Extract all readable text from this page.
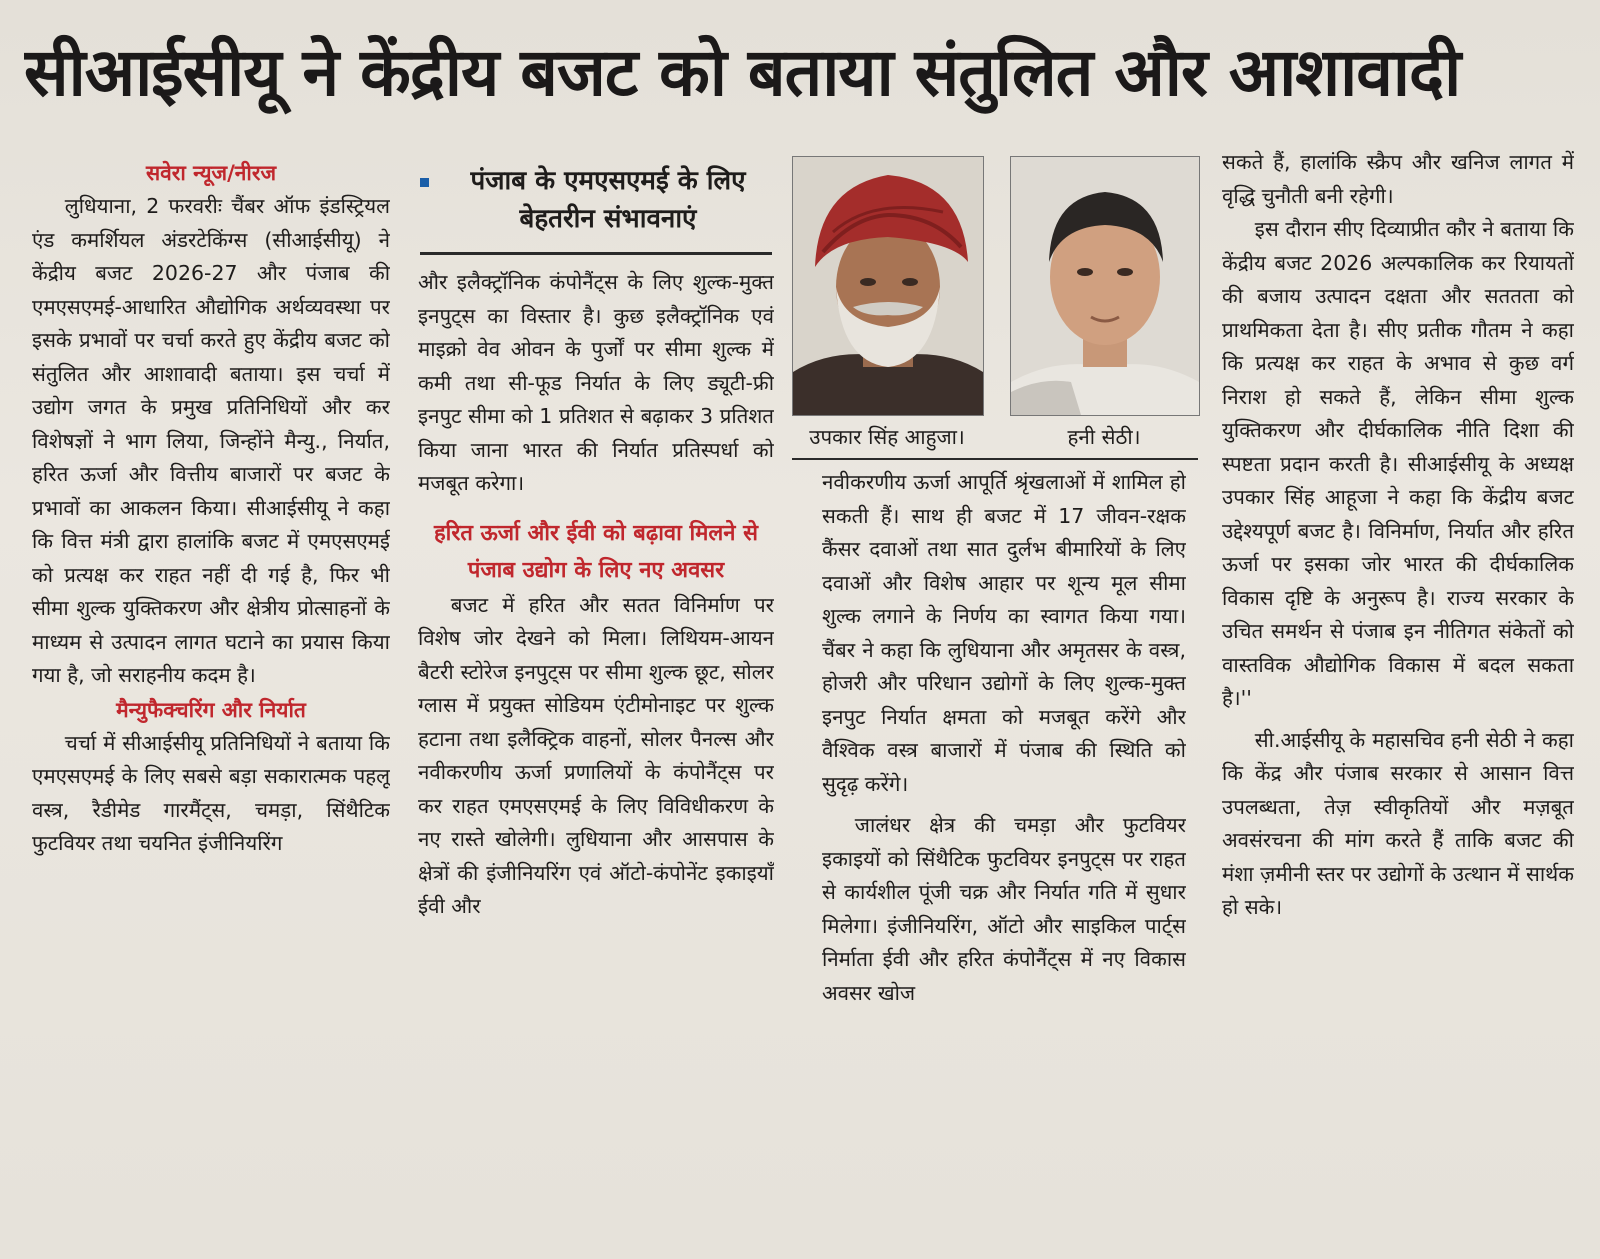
सीआईसीयू ने केंद्रीय बजट को बताया संतुलित और आशावादी

सवेरा न्यूज/नीरज

लुधियाना, 2 फरवरीः चैंबर ऑफ इंडस्ट्रियल एंड कमर्शियल अंडरटेकिंग्स (सीआईसीयू) ने केंद्रीय बजट 2026-27 और पंजाब की एमएसएमई-आधारित औद्योगिक अर्थव्यवस्था पर इसके प्रभावों पर चर्चा करते हुए केंद्रीय बजट को संतुलित और आशावादी बताया। इस चर्चा में उद्योग जगत के प्रमुख प्रतिनिधियों और कर विशेषज्ञों ने भाग लिया, जिन्होंने मैन्यु., निर्यात, हरित ऊर्जा और वित्तीय बाजारों पर बजट के प्रभावों का आकलन किया। सीआईसीयू ने कहा कि वित्त मंत्री द्वारा हालांकि बजट में एमएसएमई को प्रत्यक्ष कर राहत नहीं दी गई है, फिर भी सीमा शुल्क युक्तिकरण और क्षेत्रीय प्रोत्साहनों के माध्यम से उत्पादन लागत घटाने का प्रयास किया गया है, जो सराहनीय कदम है।

मैन्युफैक्चरिंग और निर्यात

चर्चा में सीआईसीयू प्रतिनिधियों ने बताया कि एमएसएमई के लिए सबसे बड़ा सकारात्मक पहलू वस्त्र, रैडीमेड गारमैंट्स, चमड़ा, सिंथैटिक फुटवियर तथा चयनित इंजीनियरिंग

पंजाब के एमएसएमई के लिए बेहतरीन संभावनाएं

और इलैक्ट्रॉनिक कंपोनैंट्स के लिए शुल्क-मुक्त इनपुट्स का विस्तार है। कुछ इलैक्ट्रॉनिक एवं माइक्रो वेव ओवन के पुर्जों पर सीमा शुल्क में कमी तथा सी-फूड निर्यात के लिए ड्यूटी-फ्री इनपुट सीमा को 1 प्रतिशत से बढ़ाकर 3 प्रतिशत किया जाना भारत की निर्यात प्रतिस्पर्धा को मजबूत करेगा।

हरित ऊर्जा और ईवी को बढ़ावा मिलने से पंजाब उद्योग के लिए नए अवसर

बजट में हरित और सतत विनिर्माण पर विशेष जोर देखने को मिला। लिथियम-आयन बैटरी स्टोरेज इनपुट्स पर सीमा शुल्क छूट, सोलर ग्लास में प्रयुक्त सोडियम एंटीमोनाइट पर शुल्क हटाना तथा इलैक्ट्रिक वाहनों, सोलर पैनल्स और नवीकरणीय ऊर्जा प्रणालियों के कंपोनैंट्स पर कर राहत एमएसएमई के लिए विविधीकरण के नए रास्ते खोलेगी। लुधियाना और आसपास के क्षेत्रों की इंजीनियरिंग एवं ऑटो-कंपोनेंट इकाइयाँ ईवी और

उपकार सिंह आहुजा।	हनी सेठी।

नवीकरणीय ऊर्जा आपूर्ति श्रृंखलाओं में शामिल हो सकती हैं। साथ ही बजट में 17 जीवन-रक्षक कैंसर दवाओं तथा सात दुर्लभ बीमारियों के लिए दवाओं और विशेष आहार पर शून्य मूल सीमा शुल्क लगाने के निर्णय का स्वागत किया गया। चैंबर ने कहा कि लुधियाना और अमृतसर के वस्त्र, होजरी और परिधान उद्योगों के लिए शुल्क-मुक्त इनपुट निर्यात क्षमता को मजबूत करेंगे और वैश्विक वस्त्र बाजारों में पंजाब की स्थिति को सुदृढ़ करेंगे।

जालंधर क्षेत्र की चमड़ा और फुटवियर इकाइयों को सिंथैटिक फुटवियर इनपुट्स पर राहत से कार्यशील पूंजी चक्र और निर्यात गति में सुधार मिलेगा। इंजीनियरिंग, ऑटो और साइकिल पार्ट्स निर्माता ईवी और हरित कंपोनैंट्स में नए विकास अवसर खोज

सकते हैं, हालांकि स्क्रैप और खनिज लागत में वृद्धि चुनौती बनी रहेगी।

इस दौरान सीए दिव्याप्रीत कौर ने बताया कि केंद्रीय बजट 2026 अल्पकालिक कर रियायतों की बजाय उत्पादन दक्षता और सततता को प्राथमिकता देता है। सीए प्रतीक गौतम ने कहा कि प्रत्यक्ष कर राहत के अभाव से कुछ वर्ग निराश हो सकते हैं, लेकिन सीमा शुल्क युक्तिकरण और दीर्घकालिक नीति दिशा की स्पष्टता प्रदान करती है। सीआईसीयू के अध्यक्ष उपकार सिंह आहूजा ने कहा कि केंद्रीय बजट उद्देश्यपूर्ण बजट है। विनिर्माण, निर्यात और हरित ऊर्जा पर इसका जोर भारत की दीर्घकालिक विकास दृष्टि के अनुरूप है। राज्य सरकार के उचित समर्थन से पंजाब इन नीतिगत संकेतों को वास्तविक औद्योगिक विकास में बदल सकता है।''

सी.आईसीयू के महासचिव हनी सेठी ने कहा कि केंद्र और पंजाब सरकार से आसान वित्त उपलब्धता, तेज़ स्वीकृतियों और मज़बूत अवसंरचना की मांग करते हैं ताकि बजट की मंशा ज़मीनी स्तर पर उद्योगों के उत्थान में सार्थक हो सके।
